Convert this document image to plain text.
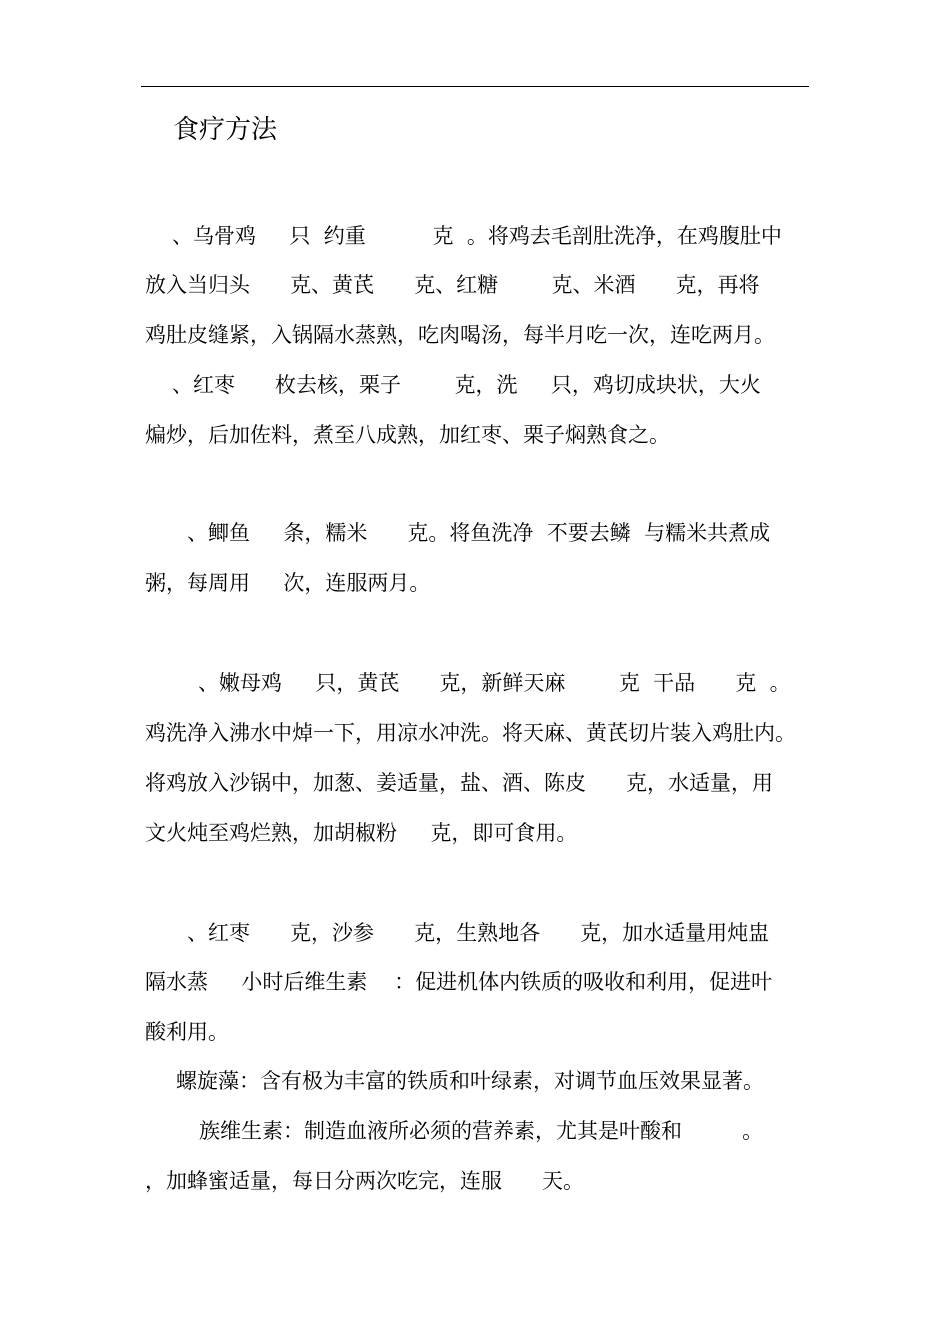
食疗方法
、乌骨鸡     只  约重          克  。将鸡去毛剖肚洗净，在鸡腹肚中
放入当归头      克、黄芪      克、红糖        克、米酒      克，再将
鸡肚皮缝紧，入锅隔水蒸熟，吃肉喝汤，每半月吃一次，连吃两月。
、红枣      枚去核，栗子        克，洗     只，鸡切成块状，大火
煸炒，后加佐料，煮至八成熟，加红枣、栗子焖熟食之。
、鲫鱼     条，糯米      克。将鱼洗净  不要去鳞  与糯米共煮成
粥，每周用     次，连服两月。
、嫩母鸡     只，黄芪      克，新鲜天麻        克  干品      克  。
鸡洗净入沸水中焯一下，用凉水冲洗。将天麻、黄芪切片装入鸡肚内。
将鸡放入沙锅中，加葱、姜适量，盐、酒、陈皮      克，水适量，用
文火炖至鸡烂熟，加胡椒粉     克，即可食用。
、红枣      克，沙参      克，生熟地各      克，加水适量用炖盅
隔水蒸     小时后维生素    ：促进机体内铁质的吸收和利用，促进叶
酸利用。
螺旋藻：含有极为丰富的铁质和叶绿素，对调节血压效果显著。
族维生素：制造血液所必须的营养素，尤其是叶酸和         。
，加蜂蜜适量，每日分两次吃完，连服      天。
